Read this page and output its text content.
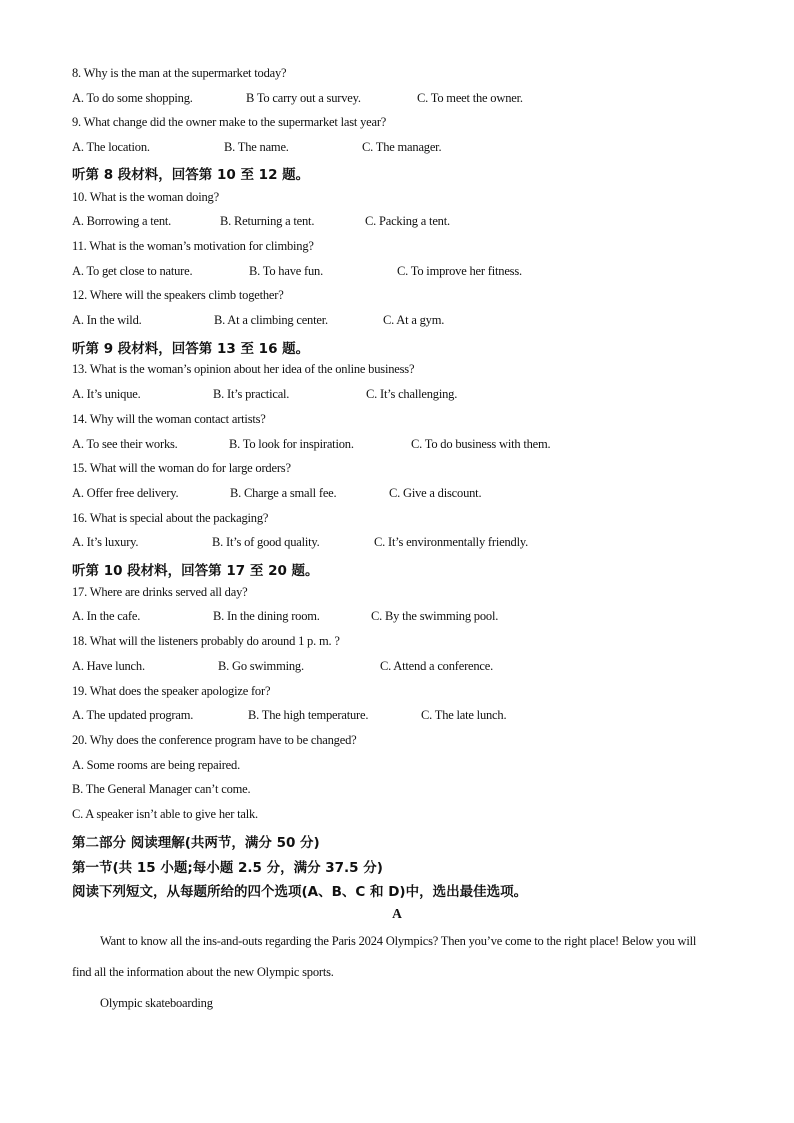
8. Why is the man at the supermarket today?
A. To do some shopping.	B To carry out a survey.	C. To meet the owner.
9. What change did the owner make to the supermarket last year?
A. The location.	B. The name.	C. The manager.
听第 8 段材料，回答第 10 至 12 题。
10. What is the woman doing?
A. Borrowing a tent.	B. Returning a tent.	C. Packing a tent.
11. What is the woman’s motivation for climbing?
A. To get close to nature.	B. To have fun.	C. To improve her fitness.
12. Where will the speakers climb together?
A. In the wild.	B. At a climbing center.	C. At a gym.
听第 9 段材料，回答第 13 至 16 题。
13. What is the woman’s opinion about her idea of the online business?
A. It’s unique.	B. It’s practical.	C. It’s challenging.
14. Why will the woman contact artists?
A. To see their works.	B. To look for inspiration.	C. To do business with them.
15. What will the woman do for large orders?
A. Offer free delivery.	B. Charge a small fee.	C. Give a discount.
16. What is special about the packaging?
A. It’s luxury.	B. It’s of good quality.	C. It’s environmentally friendly.
听第 10 段材料，回答第 17 至 20 题。
17. Where are drinks served all day?
A. In the cafe.	B. In the dining room.	C. By the swimming pool.
18. What will the listeners probably do around 1 p. m. ?
A. Have lunch.	B. Go swimming.	C. Attend a conference.
19. What does the speaker apologize for?
A. The updated program.	B. The high temperature.	C. The late lunch.
20. Why does the conference program have to be changed?
A. Some rooms are being repaired.
B. The General Manager can’t come.
C. A speaker isn’t able to give her talk.
第二部分 阅读理解(共两节，满分 50 分)
第一节(共 15 小题;每小题 2.5 分，满分 37.5 分)
阅读下列短文，从每题所给的四个选项(A、B、C 和 D)中，选出最佳选项。
A
Want to know all the ins-and-outs regarding the Paris 2024 Olympics? Then you’ve come to the right place! Below you will find all the information about the new Olympic sports.
Olympic skateboarding
